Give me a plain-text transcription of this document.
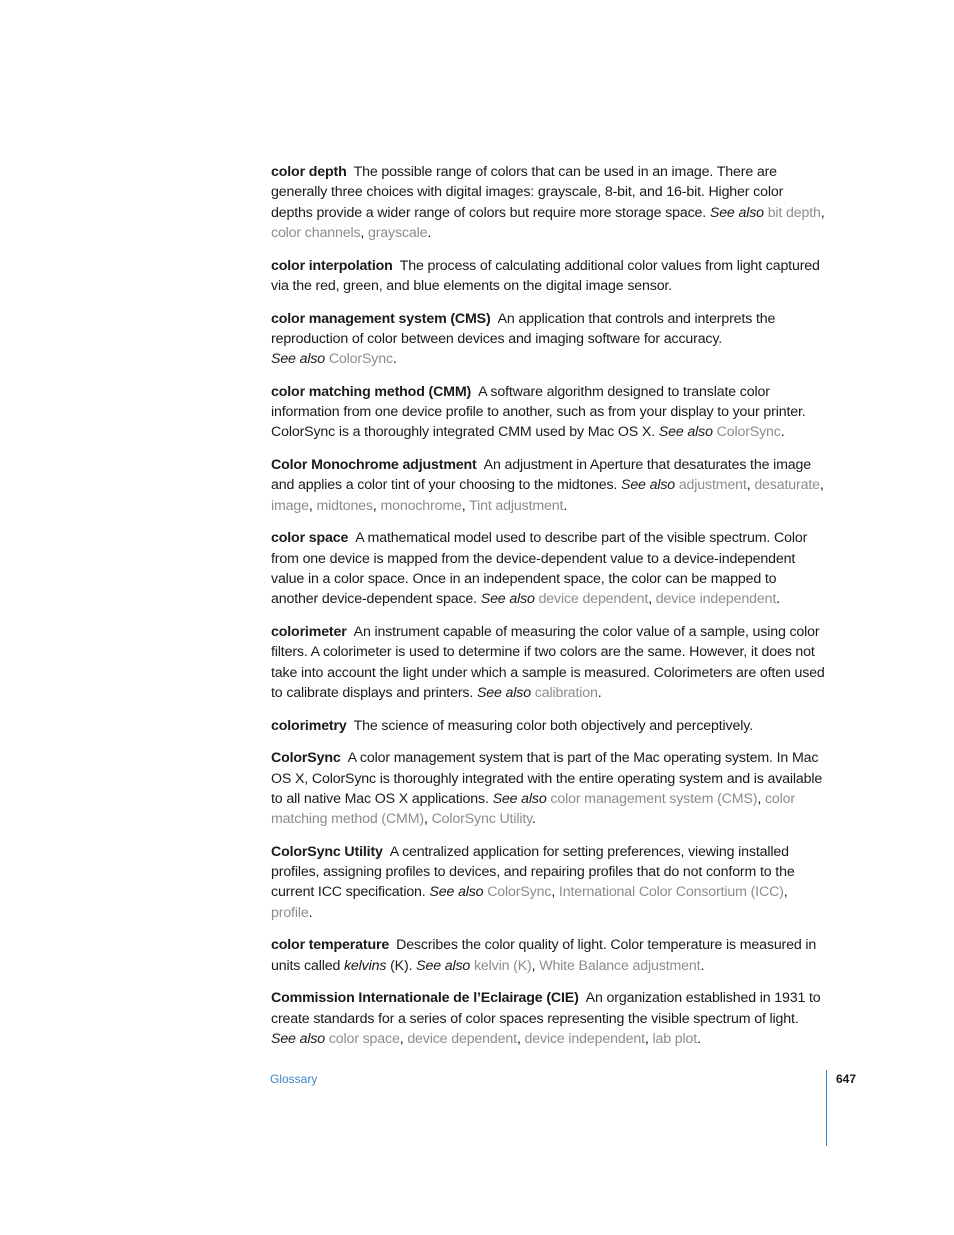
color depth The possible range of colors that can be used in an image. There are generally three choices with digital images: grayscale, 8-bit, and 16-bit. Higher color depths provide a wider range of colors but require more storage space. See also bit depth, color channels, grayscale.

color interpolation The process of calculating additional color values from light captured via the red, green, and blue elements on the digital image sensor.

color management system (CMS) An application that controls and interprets the reproduction of color between devices and imaging software for accuracy.
See also ColorSync.

color matching method (CMM) A software algorithm designed to translate color information from one device profile to another, such as from your display to your printer. ColorSync is a thoroughly integrated CMM used by Mac OS X. See also ColorSync.

Color Monochrome adjustment An adjustment in Aperture that desaturates the image and applies a color tint of your choosing to the midtones. See also adjustment, desaturate, image, midtones, monochrome, Tint adjustment.

color space A mathematical model used to describe part of the visible spectrum. Color from one device is mapped from the device-dependent value to a device-independent value in a color space. Once in an independent space, the color can be mapped to another device-dependent space. See also device dependent, device independent.

colorimeter An instrument capable of measuring the color value of a sample, using color filters. A colorimeter is used to determine if two colors are the same. However, it does not take into account the light under which a sample is measured. Colorimeters are often used to calibrate displays and printers. See also calibration.

colorimetry The science of measuring color both objectively and perceptively.

ColorSync A color management system that is part of the Mac operating system. In Mac OS X, ColorSync is thoroughly integrated with the entire operating system and is available to all native Mac OS X applications. See also color management system (CMS), color matching method (CMM), ColorSync Utility.

ColorSync Utility A centralized application for setting preferences, viewing installed profiles, assigning profiles to devices, and repairing profiles that do not conform to the current ICC specification. See also ColorSync, International Color Consortium (ICC), profile.

color temperature Describes the color quality of light. Color temperature is measured in units called kelvins (K). See also kelvin (K), White Balance adjustment.

Commission Internationale de l’Eclairage (CIE) An organization established in 1931 to create standards for a series of color spaces representing the visible spectrum of light.
See also color space, device dependent, device independent, lab plot.

Glossary	647
